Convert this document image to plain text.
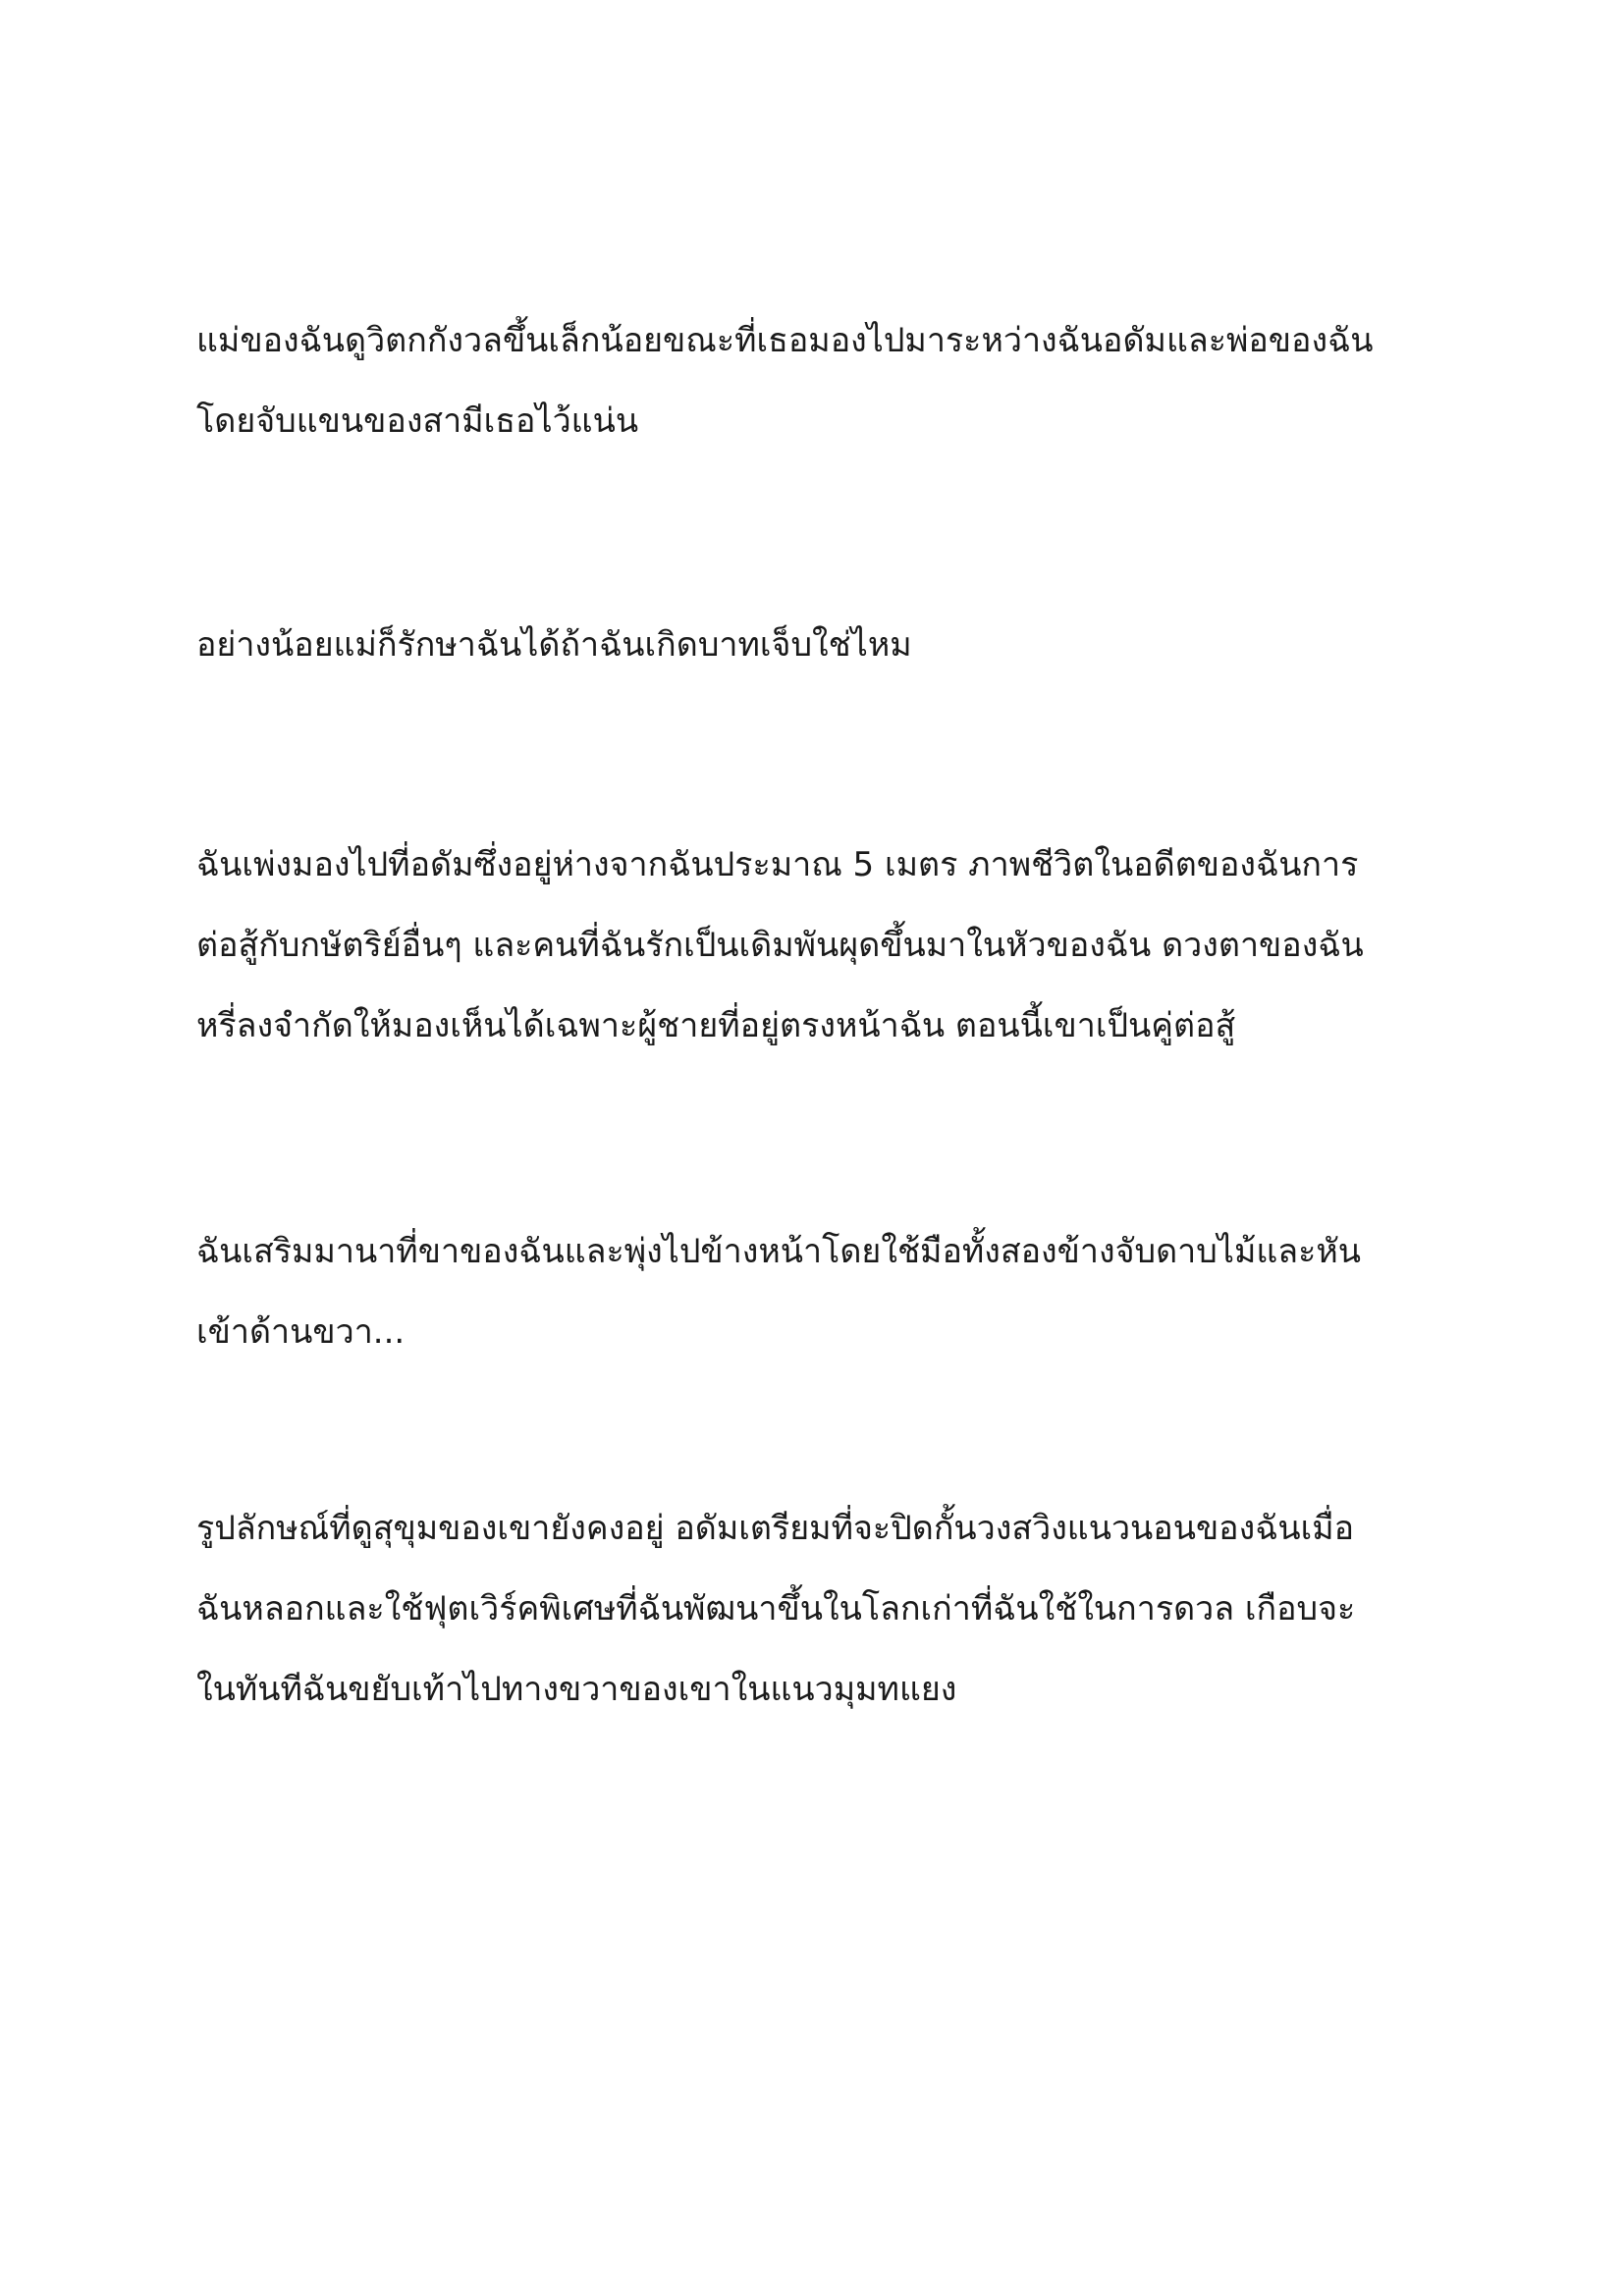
แม่ของฉันดูวิตกกังวลขึ้นเล็กน้อยขณะที่เธอมองไปมาระหว่างฉันอดัมและพ่อของฉัน
โดยจับแขนของสามีเธอไว้แน่น

อย่างน้อยแม่ก็รักษาฉันได้ถ้าฉันเกิดบาทเจ็บใช่ไหม

ฉันเพ่งมองไปที่อดัมซึ่งอยู่ห่างจากฉันประมาณ 5 เมตร ภาพชีวิตในอดีตของฉันการ
ต่อสู้กับกษัตริย์อื่นๆ และคนที่ฉันรักเป็นเดิมพันผุดขึ้นมาในหัวของฉัน ดวงตาของฉัน
หรี่ลงจำกัดให้มองเห็นได้เฉพาะผู้ชายที่อยู่ตรงหน้าฉัน ตอนนี้เขาเป็นคู่ต่อสู้

ฉันเสริมมานาที่ขาของฉันและพุ่งไปข้างหน้าโดยใช้มือทั้งสองข้างจับดาบไม้และหัน
เข้าด้านขวา...

รูปลักษณ์ที่ดูสุขุมของเขายังคงอยู่ อดัมเตรียมที่จะปิดกั้นวงสวิงแนวนอนของฉันเมื่อ
ฉันหลอกและใช้ฟุตเวิร์คพิเศษที่ฉันพัฒนาขึ้นในโลกเก่าที่ฉันใช้ในการดวล เกือบจะ
ในทันทีฉันขยับเท้าไปทางขวาของเขาในแนวมุมทแยง
